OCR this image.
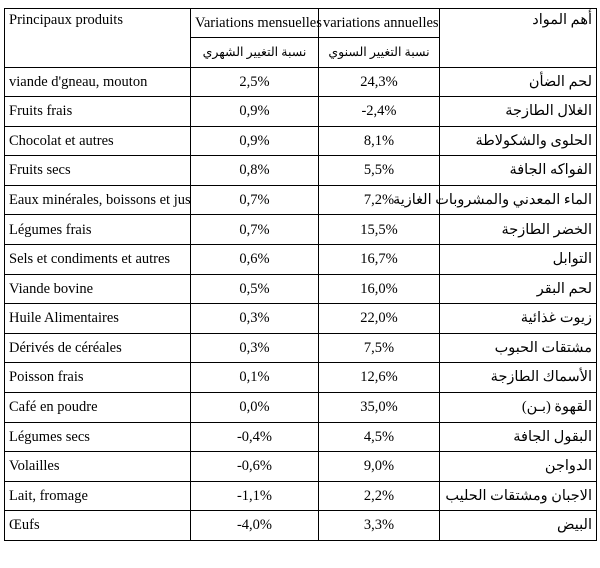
Principaux produits	Variations mensuelles	variations annuelles	أهم المواد
	نسبة التغيير الشهري	نسبة التغيير السنوي	
viande d'gneau, mouton	2,5%	24,3%	لحم الضأن
Fruits frais	0,9%	-2,4%	الغلال الطازجة
Chocolat et autres	0,9%	8,1%	الحلوى والشكولاطة
Fruits secs	0,8%	5,5%	الفواكه الجافة
Eaux minérales, boissons et jus	0,7%	7,2%	الماء المعدني والمشروبات الغازية
Légumes frais	0,7%	15,5%	الخضر الطازجة
Sels et condiments et autres	0,6%	16,7%	التوابل
Viande bovine	0,5%	16,0%	لحم البقر
Huile Alimentaires	0,3%	22,0%	زيوت غذائية
Dérivés de céréales	0,3%	7,5%	مشتقات الحبوب
Poisson frais	0,1%	12,6%	الأسماك الطازجة
Café en poudre	0,0%	35,0%	القهوة (بـن)
Légumes secs	-0,4%	4,5%	البقول الجافة
Volailles	-0,6%	9,0%	الدواجن
Lait, fromage	-1,1%	2,2%	الاجبان ومشتقات الحليب
Œufs	-4,0%	3,3%	البيض
